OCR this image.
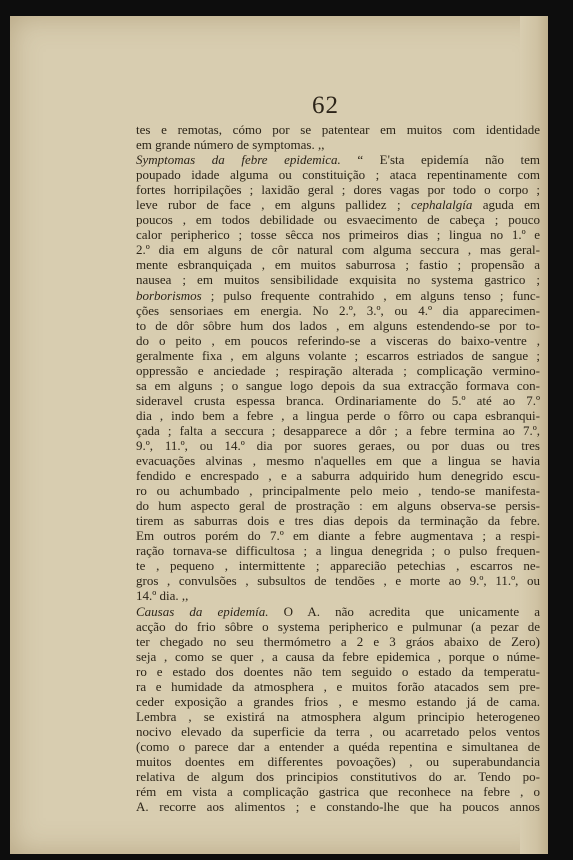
62
tes e remotas, cómo por se patentear em muitos com identidade
em grande número de symptomas. ,,
Symptomas da febre epidemica. “ E'sta epidemía não tem
poupado idade alguma ou constituição ; ataca repentinamente com
fortes horripilações ; laxidão geral ; dores vagas por todo o corpo ;
leve rubor de face , em alguns pallidez ; cephalalgía aguda em
poucos , em todos debilidade ou esvaecimento de cabeça ; pouco
calor peripherico ; tosse sêcca nos primeiros dias ; lingua no 1.º e
2.º dia em alguns de côr natural com alguma seccura , mas geral-
mente esbranquiçada , em muitos saburrosa ; fastio ; propensão a
nausea ; em muitos sensibilidade exquisita no systema gastrico ;
borborismos ; pulso frequente contrahido , em alguns tenso ; func-
ções sensoriaes em energia. No 2.º, 3.º, ou 4.º dia apparecimen-
to de dôr sôbre hum dos lados , em alguns estendendo-se por to-
do o peito , em poucos referindo-se a visceras do baixo-ventre ,
geralmente fixa , em alguns volante ; escarros estriados de sangue ;
oppressão e anciedade ; respiração alterada ; complicação vermino-
sa em alguns ; o sangue logo depois da sua extracção formava con-
sideravel crusta espessa branca. Ordinariamente do 5.º até ao 7.º
dia , indo bem a febre , a lingua perde o fôrro ou capa esbranqui-
çada ; falta a seccura ; desapparece a dôr ; a febre termina ao 7.º,
9.º, 11.º, ou 14.º dia por suores geraes, ou por duas ou tres
evacuações alvinas , mesmo n'aquelles em que a lingua se havia
fendido e encrespado , e a saburra adquirido hum denegrido escu-
ro ou achumbado , principalmente pelo meio , tendo-se manifesta-
do hum aspecto geral de prostração : em alguns observa-se persis-
tirem as saburras dois e tres dias depois da terminação da febre.
Em outros porém do 7.º em diante a febre augmentava ; a respi-
ração tornava-se difficultosa ; a lingua denegrida ; o pulso frequen-
te , pequeno , intermittente ; apparecião petechias , escarros ne-
gros , convulsões , subsultos de tendões , e morte ao 9.º, 11.º, ou
14.º dia. ,,
Causas da epidemía. O A. não acredita que unicamente a
acção do frio sôbre o systema peripherico e pulmunar (a pezar de
ter chegado no seu thermómetro a 2 e 3 gráos abaixo de Zero)
seja , como se quer , a causa da febre epidemica , porque o núme-
ro e estado dos doentes não tem seguido o estado da temperatu-
ra e humidade da atmosphera , e muitos forão atacados sem pre-
ceder exposição a grandes frios , e mesmo estando já de cama.
Lembra , se existirá na atmosphera algum principio heterogeneo
nocivo elevado da superficie da terra , ou acarretado pelos ventos
(como o parece dar a entender a quéda repentina e simultanea de
muitos doentes em differentes povoações) , ou superabundancia
relativa de algum dos principios constitutivos do ar. Tendo po-
rém em vista a complicação gastrica que reconhece na febre , o
A. recorre aos alimentos ; e constando-lhe que ha poucos annos
